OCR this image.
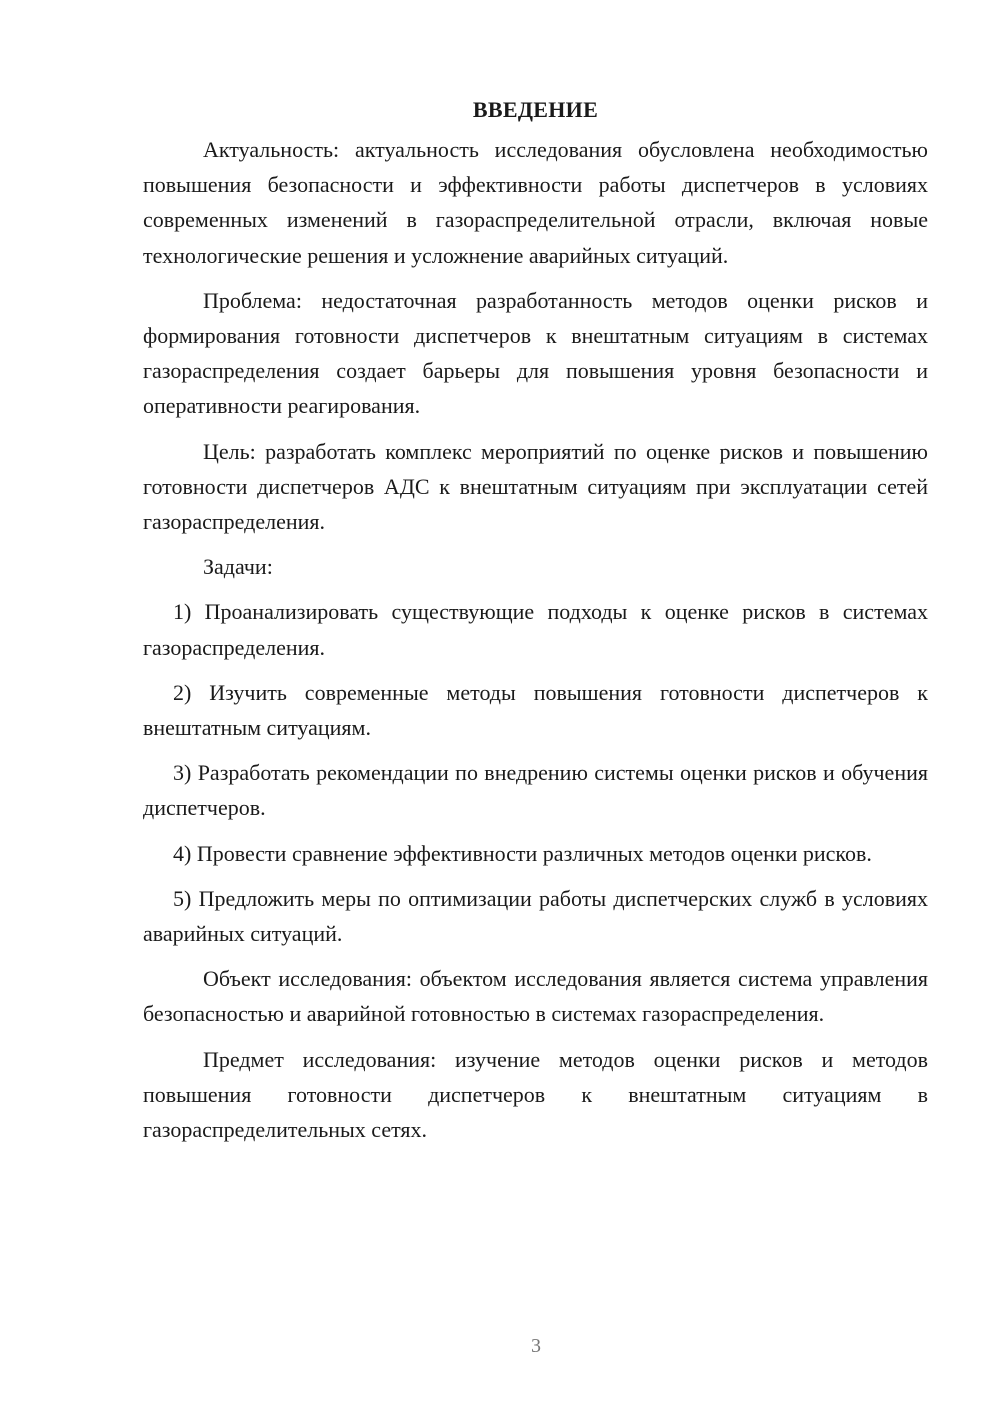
ВВЕДЕНИЕ

Актуальность: актуальность исследования обусловлена необходимостью повышения безопасности и эффективности работы диспетчеров в условиях современных изменений в газораспределительной отрасли, включая новые технологические решения и усложнение аварийных ситуаций.

Проблема: недостаточная разработанность методов оценки рисков и формирования готовности диспетчеров к внештатным ситуациям в системах газораспределения создает барьеры для повышения уровня безопасности и оперативности реагирования.

Цель: разработать комплекс мероприятий по оценке рисков и повышению готовности диспетчеров АДС к внештатным ситуациям при эксплуатации сетей газораспределения.

Задачи:

1) Проанализировать существующие подходы к оценке рисков в системах газораспределения.

2) Изучить современные методы повышения готовности диспетчеров к внештатным ситуациям.

3) Разработать рекомендации по внедрению системы оценки рисков и обучения диспетчеров.

4) Провести сравнение эффективности различных методов оценки рисков.

5) Предложить меры по оптимизации работы диспетчерских служб в условиях аварийных ситуаций.

Объект исследования: объектом исследования является система управления безопасностью и аварийной готовностью в системах газораспределения.

Предмет исследования: изучение методов оценки рисков и методов повышения готовности диспетчеров к внештатным ситуациям в газораспределительных сетях.

3
